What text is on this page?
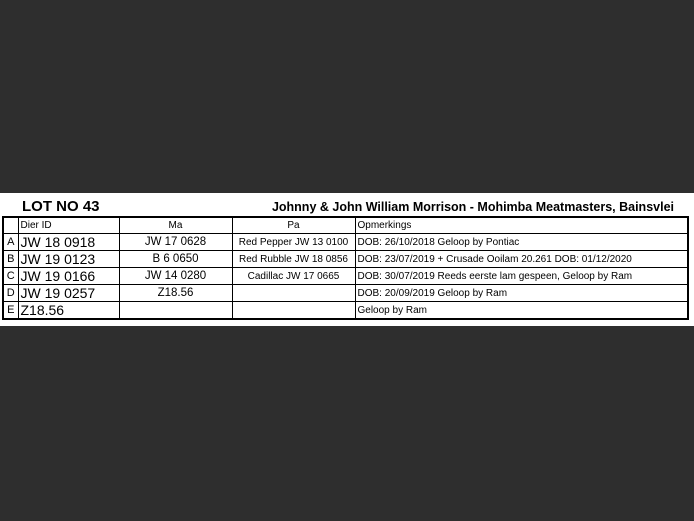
LOT NO 43	Johnny & John William Morrison - Mohimba Meatmasters, Bainsvlei
	Dier ID	Ma	Pa	Opmerkings
A	JW 18 0918	JW 17 0628	Red Pepper JW 13 0100	DOB: 26/10/2018 Geloop by Pontiac
B	JW 19 0123	B 6 0650	Red Rubble JW 18 0856	DOB: 23/07/2019 + Crusade Ooilam 20.261 DOB: 01/12/2020
C	JW 19 0166	JW 14 0280	Cadillac JW 17 0665	DOB: 30/07/2019 Reeds eerste lam gespeen, Geloop by Ram
D	JW 19 0257	Z18.56		DOB: 20/09/2019 Geloop by Ram
E	Z18.56			Geloop by Ram
